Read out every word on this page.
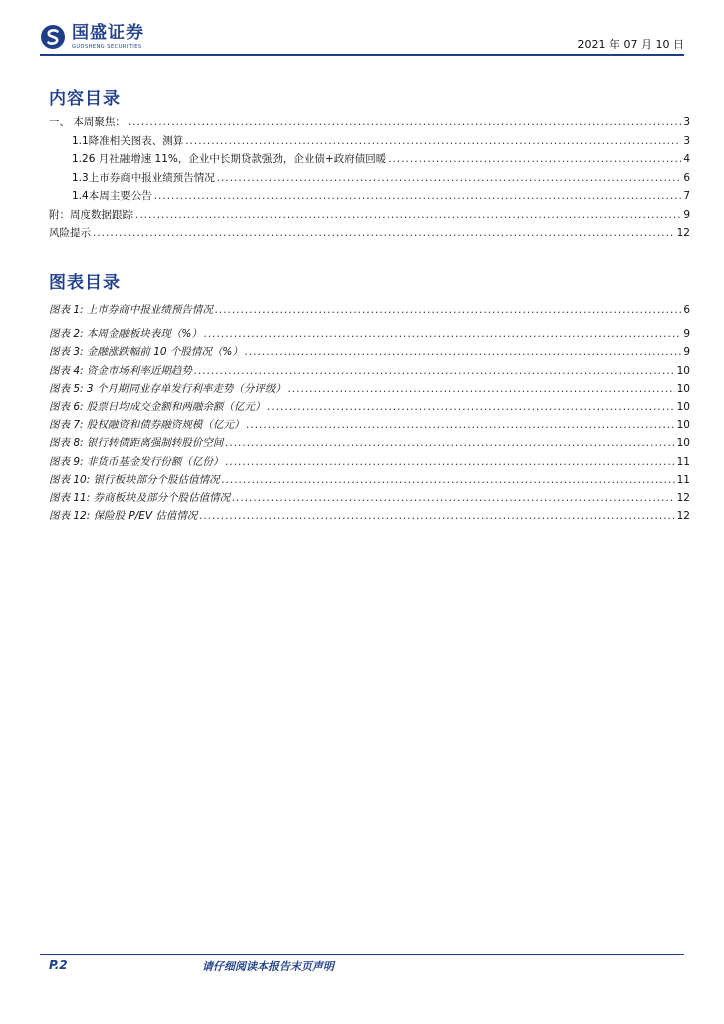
国盛证券
GUOSHENG SECURITIES	2021 年 07 月 10 日
内容目录
一、 本周聚焦： .....	3
1.1 降准相关图表、测算 .....	3
1.2 6 月社融增速 11%，企业中长期贷款强劲，企业债+政府债回暖 .....	4
1.3 上市券商中报业绩预告情况 .....	6
1.4 本周主要公告 .....	7
附：周度数据跟踪 .....	9
风险提示 .....	12
图表目录
图表 1: 上市券商中报业绩预告情况 .....	6
图表 2: 本周金融板块表现（%） .....	9
图表 3: 金融涨跌幅前 10 个股情况（%） .....	9
图表 4: 资金市场利率近期趋势 .....	10
图表 5: 3 个月期同业存单发行利率走势（分评级） .....	10
图表 6: 股票日均成交金额和两融余额（亿元） .....	10
图表 7: 股权融资和债券融资规模（亿元） .....	10
图表 8: 银行转债距离强制转股价空间 .....	10
图表 9: 非货币基金发行份额（亿份） .....	11
图表 10: 银行板块部分个股估值情况 .....	11
图表 11: 券商板块及部分个股估值情况 .....	12
图表 12: 保险股 P/EV 估值情况 .....	12
P.2	请仔细阅读本报告末页声明
